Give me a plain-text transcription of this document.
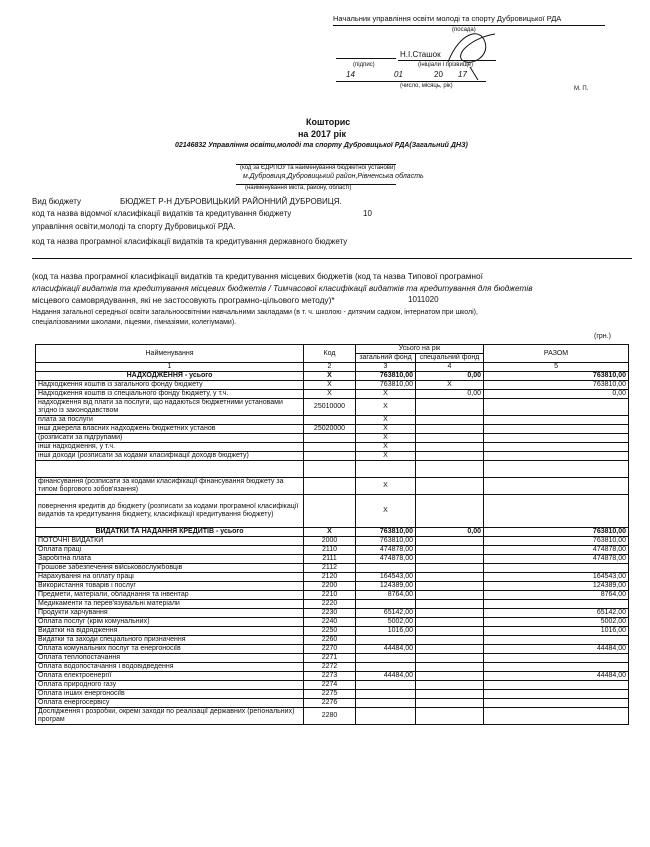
Начальник управління освіти молоді та спорту Дубровицької РДА
(посада)
Н.І.Сташок
(підпис)	(ініціали і прізвище)
14	01	20 17
(число, місяць, рік)	М. П.
Кошторис
на 2017 рік
02146832 Управління освіти,молоді та спорту Дубровицької РДА(Загальний ДНЗ)
(код за ЄДРПОУ та найменування бюджетної установи)
м.Дубровиця,Дубровицький район,Рівненська область
(найменування міста, району, області)
Вид бюджету	БЮДЖЕТ Р-Н ДУБРОВИЦЬКИЙ РАЙОННИЙ ДУБРОВИЦЯ.
код та назва відомчої класифікації видатків та кредитування бюджету	10
управління освіти,молоді та спорту Дубровицької РДА.
код та назва програмної класифікації видатків та кредитування державного бюджету
(код та назва програмної класифікації видатків та кредитування місцевих бюджетів (код та назва Типової програмної
класифікації видатків та кредитування місцевих бюджетів / Тимчасової класифікації видатків та кредитування для бюджетів
місцевого самоврядування, які не застосовують програмно-цільового методу)*	1011020
Надання загальної середньої освіти загальноосвітніми навчальними закладами (в т. ч. школою - дитячим садком, інтернатом при школі),
спеціалізованими школами, ліцеями, гімназіями, колегіумами).
(грн.)
Найменування	Код	Усього на рік		РАЗОМ
		загальний фонд	спеціальний фонд	
1	2	3	4	5
НАДХОДЖЕННЯ - усього	X	763810,00	0,00	763810,00
Надходження коштів із загального фонду бюджету	X	763810,00	X	763810,00
Надходження коштів із спеціального фонду бюджету, у т.ч.	X	X	0,00	0,00
надходження від плати за послуги, що надаються бюджетними установами згідно із законодавством	25010000	X		
плата за послуги		X		
інші джерела власних надходжень бюджетних установ	25020000	X		
(розписати за підгрупами)		X		
інші надходження, у т.ч.		X		
інші доходи (розписати за кодами класифікації доходів бюджету)		X		

фінансування (розписати за кодами класифікації фінансування бюджету за типом боргового зобов'язання)		X		
повернення кредитів до бюджету (розписати за кодами програмної класифікації видатків та кредитування бюджету, класифікації кредитування бюджету)		X		
ВИДАТКИ ТА НАДАННЯ КРЕДИТІВ - усього	X	763810,00	0,00	763810,00
ПОТОЧНІ ВИДАТКИ	2000	763810,00		763810,00
Оплата праці	2110	474878,00		474878,00
Заробітна плата	2111	474878,00		474878,00
Грошове забезпечення військовослужбовців	2112			
Нарахування на оплату праці	2120	164543,00		164543,00
Використання товарів і послуг	2200	124389,00		124389,00
Предмети, матеріали, обладнання та інвентар	2210	8764,00		8764,00
Медикаменти та перев'язувальні матеріали	2220			
Продукти харчування	2230	65142,00		65142,00
Оплата послуг (крім комунальних)	2240	5002,00		5002,00
Видатки на відрядження	2250	1016,00		1016,00
Видатки та заходи спеціального призначення	2260			
Оплата комунальних послуг та енергоносіїв	2270	44484,00		44484,00
Оплата теплопостачання	2271			
Оплата водопостачання і водовідведення	2272			
Оплата електроенергії	2273	44484,00		44484,00
Оплата природного газу	2274			
Оплата інших енергоносіїв	2275			
Оплата енергосервісу	2276			
Дослідження і розробки, окремі заходи по реалізації державних (регіональних) програм	2280			
